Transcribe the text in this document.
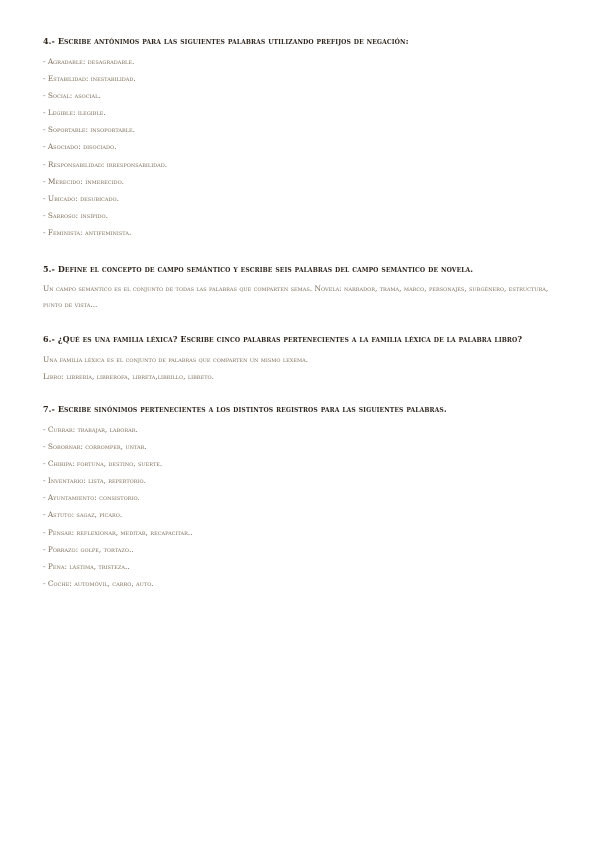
4.- Escribe antónimos para las siguientes palabras utilizando prefijos de negación:
- Agradable: desagradable.
- Estabilidad: inestabilidad.
- Social: asocial.
- Legible: ilegible.
- Soportable: insoportable.
- Asociado: disociado.
- Responsabilidad: irresponsabilidad.
- Merecido: inmerecido.
- Ubicado: desubicado.
- Sabroso: insípido.
- Feminista: antifeminista.
5.- Define el concepto de campo semántico y escribe seis palabras del campo semántico de novela.
Un campo semántico es el conjunto de todas las palabras que comparten semas. Novela: narrador, trama, marco, personajes, subgénero, estructura, punto de vista...
6.- ¿Qué es una familia léxica? Escribe cinco palabras pertenecientes a la familia léxica de la palabra libro?
Una familia léxica es el conjunto de palabras que comparten un mismo lexema.
Libro: librería, librerofa, libreta,librillo, libreto.
7.- Escribe sinónimos pertenecientes a los distintos registros para las siguientes palabras.
- Currar: trabajar, laborar.
- Sobornar: corromper, untar.
- Chiripa: fortuna, destino, suerte.
- Inventario: lista, repertorio.
- Ayuntamiento: consistorio.
- Astuto: sagaz, pícaro.
- Pensar: reflexionar, meditar, recapacitar..
- Porrazo: golpe, tortazo..
- Pena: lástima, tristeza..
- Coche: automóvil, carro, auto.
